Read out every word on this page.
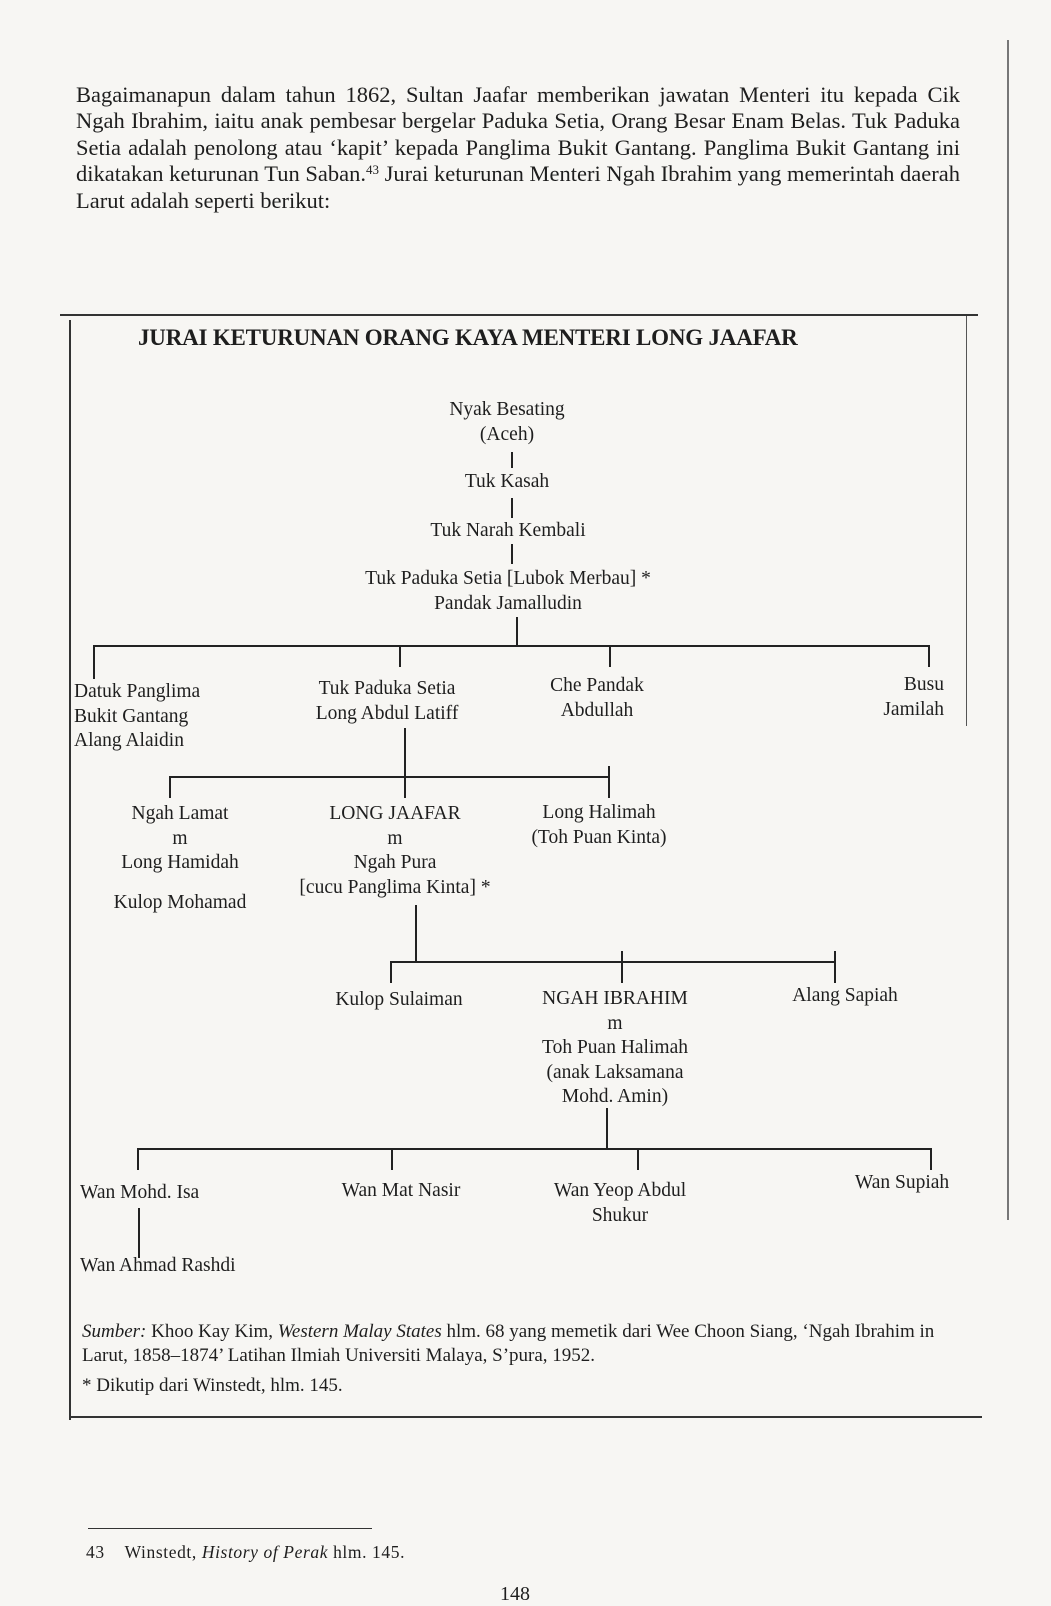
Bagaimanapun dalam tahun 1862, Sultan Jaafar memberikan jawatan Menteri itu kepada Cik Ngah Ibrahim, iaitu anak pembesar bergelar Paduka Setia, Orang Besar Enam Belas. Tuk Paduka Setia adalah penolong atau ‘kapit’ kepada Panglima Bukit Gantang. Panglima Bukit Gantang ini dikatakan keturunan Tun Saban.$^{43}$ Jurai keturunan Menteri Ngah Ibrahim yang memerintah daerah Larut adalah seperti berikut:

JURAI KETURUNAN ORANG KAYA MENTERI LONG JAAFAR
Nyak Besating
(Aceh)
Tuk Kasah
Tuk Narah Kembali
Tuk Paduka Setia [Lubok Merbau] *
Pandak Jamalludin
Datuk Panglima
Bukit Gantang
Alang Alaidin
Tuk Paduka Setia
Long Abdul Latiff
Che Pandak
Abdullah
Busu
Jamilah
Ngah Lamat
m
Long Hamidah
Kulop Mohamad
LONG JAAFAR
m
Ngah Pura
[cucu Panglima Kinta] *
Long Halimah
(Toh Puan Kinta)
Kulop Sulaiman	NGAH IBRAHIM
m
Toh Puan Halimah
(anak Laksamana
Mohd. Amin)
Alang Sapiah
Wan Mohd. Isa	Wan Mat Nasir	Wan Yeop Abdul
Shukur
Wan Supiah
Wan Ahmad Rashdi
Sumber: Khoo Kay Kim, Western Malay States hlm. 68 yang memetik dari Wee Choon Siang, ‘Ngah Ibrahim in Larut, 1858–1874’ Latihan Ilmiah Universiti Malaya, S’pura, 1952.
* Dikutip dari Winstedt, hlm. 145.
43 Winstedt, History of Perak hlm. 145.
148
